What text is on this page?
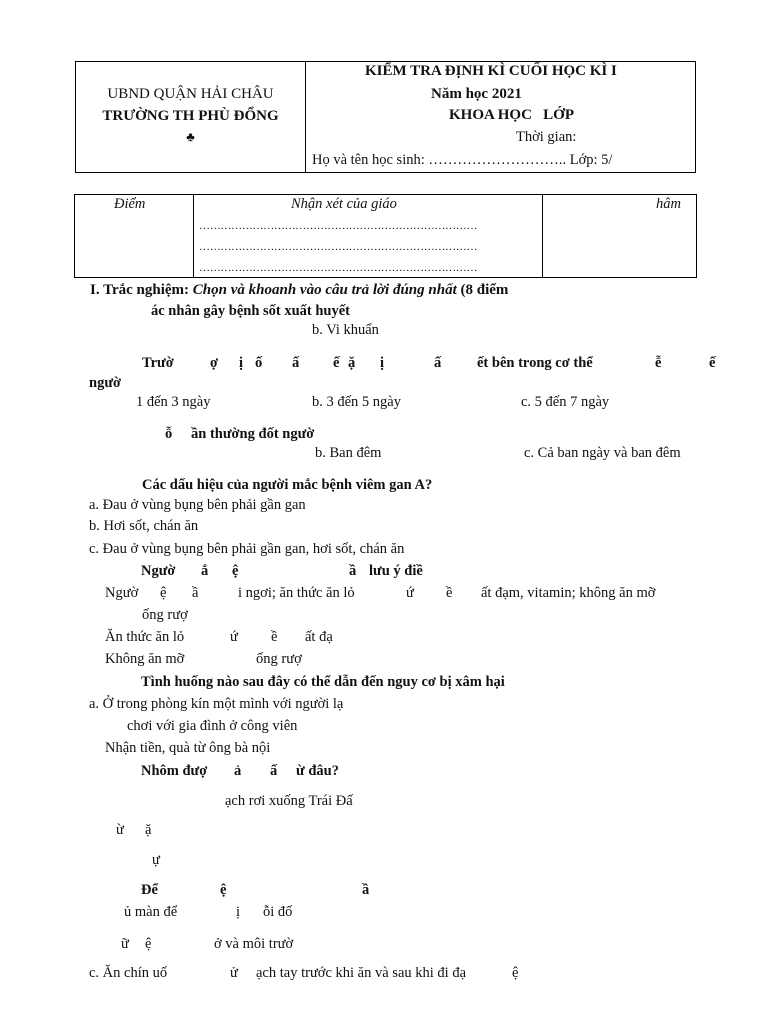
UBND QUẬN HẢI CHÂU
TRƯỜNG TH PHÙ ĐỔNG
♣
KIỂM TRA ĐỊNH KÌ CUỐI HỌC KÌ I
Năm học 2021
KHOA HỌC   LỚP
Thời gian:
Họ và tên học sinh: ……………………….. Lớp: 5/
Điểm	Nhận xét của giáo	hâm
……………………………………………………………………
……………………………………………………………………
……………………………………………………………………
I. Trắc nghiệm: Chọn và khoanh vào câu trả lời đúng nhất (8 điểm
ác nhân gây bệnh sốt xuất huyết
b. Vi khuẩn
Trườ ợ ị ố ấ ế ặ ị	ấ ết bên trong cơ thể	ễ	ế
ngườ
1 đến 3 ngày	b. 3 đến 5 ngày	c. 5 đến 7 ngày
ỗ ần thường đốt ngườ
b. Ban đêm	c. Cả ban ngày và ban đêm
Các dấu hiệu của người mắc bệnh viêm gan A?
a. Đau ở vùng bụng bên phải gần gan
b. Hơi sốt, chán ăn
c. Đau ở vùng bụng bên phải gần gan, hơi sốt, chán ăn
Ngườ ắ ệ	ầ lưu ý điề
Ngườ ệ ầ	i ngơi; ăn thức ăn lỏ	ứ ề ất đạm, vitamin; không ăn mỡ
ống rượ
Ăn thức ăn lỏ	ứ ề ất đạ
Không ăn mỡ	ống rượ
Tình huống nào sau đây có thể dẫn đến nguy cơ bị xâm hại
a. Ở trong phòng kín một mình với người lạ
chơi với gia đình ở công viên
Nhận tiền, quà từ ông bà nội
Nhôm đượ ả ấ ừ đâu?
ạch rơi xuống Trái Đấ
ừ ặ
ự
Để	ệ	ầ
ủ màn để	ị ỗi đố
ữ ệ	ở và môi trườ
c. Ăn chín uố	ử ạch tay trước khi ăn và sau khi đi đạ	ệ
